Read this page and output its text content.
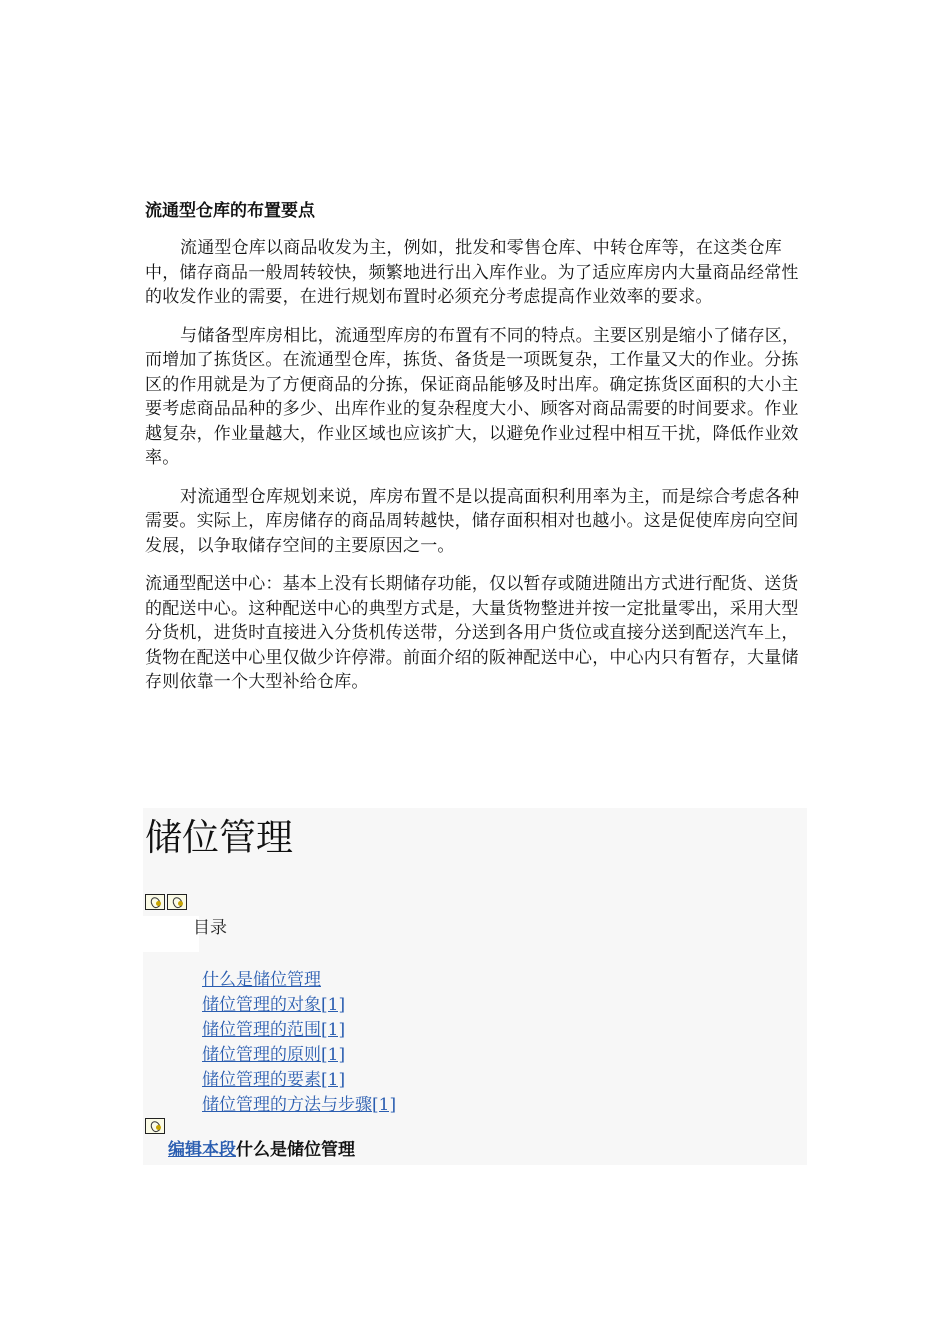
流通型仓库的布置要点

流通型仓库以商品收发为主，例如，批发和零售仓库、中转仓库等，在这类仓库中，储存商品一般周转较快，频繁地进行出入库作业。为了适应库房内大量商品经常性的收发作业的需要，在进行规划布置时必须充分考虑提高作业效率的要求。

与储备型库房相比，流通型库房的布置有不同的特点。主要区别是缩小了储存区，而增加了拣货区。在流通型仓库，拣货、备货是一项既复杂，工作量又大的作业。分拣区的作用就是为了方便商品的分拣，保证商品能够及时出库。确定拣货区面积的大小主要考虑商品品种的多少、出库作业的复杂程度大小、顾客对商品需要的时间要求。作业越复杂，作业量越大，作业区域也应该扩大，以避免作业过程中相互干扰，降低作业效率。

对流通型仓库规划来说，库房布置不是以提高面积利用率为主，而是综合考虑各种需要。实际上，库房储存的商品周转越快，储存面积相对也越小。这是促使库房向空间发展，以争取储存空间的主要原因之一。

流通型配送中心：基本上没有长期储存功能，仅以暂存或随进随出方式进行配货、送货的配送中心。这种配送中心的典型方式是，大量货物整进并按一定批量零出，采用大型分货机，进货时直接进入分货机传送带，分送到各用户货位或直接分送到配送汽车上，货物在配送中心里仅做少许停滞。前面介绍的阪神配送中心，中心内只有暂存，大量储存则依靠一个大型补给仓库。

储位管理
目录
什么是储位管理
储位管理的对象[1]
储位管理的范围[1]
储位管理的原则[1]
储位管理的要素[1]
储位管理的方法与步骤[1]
编辑本段什么是储位管理
